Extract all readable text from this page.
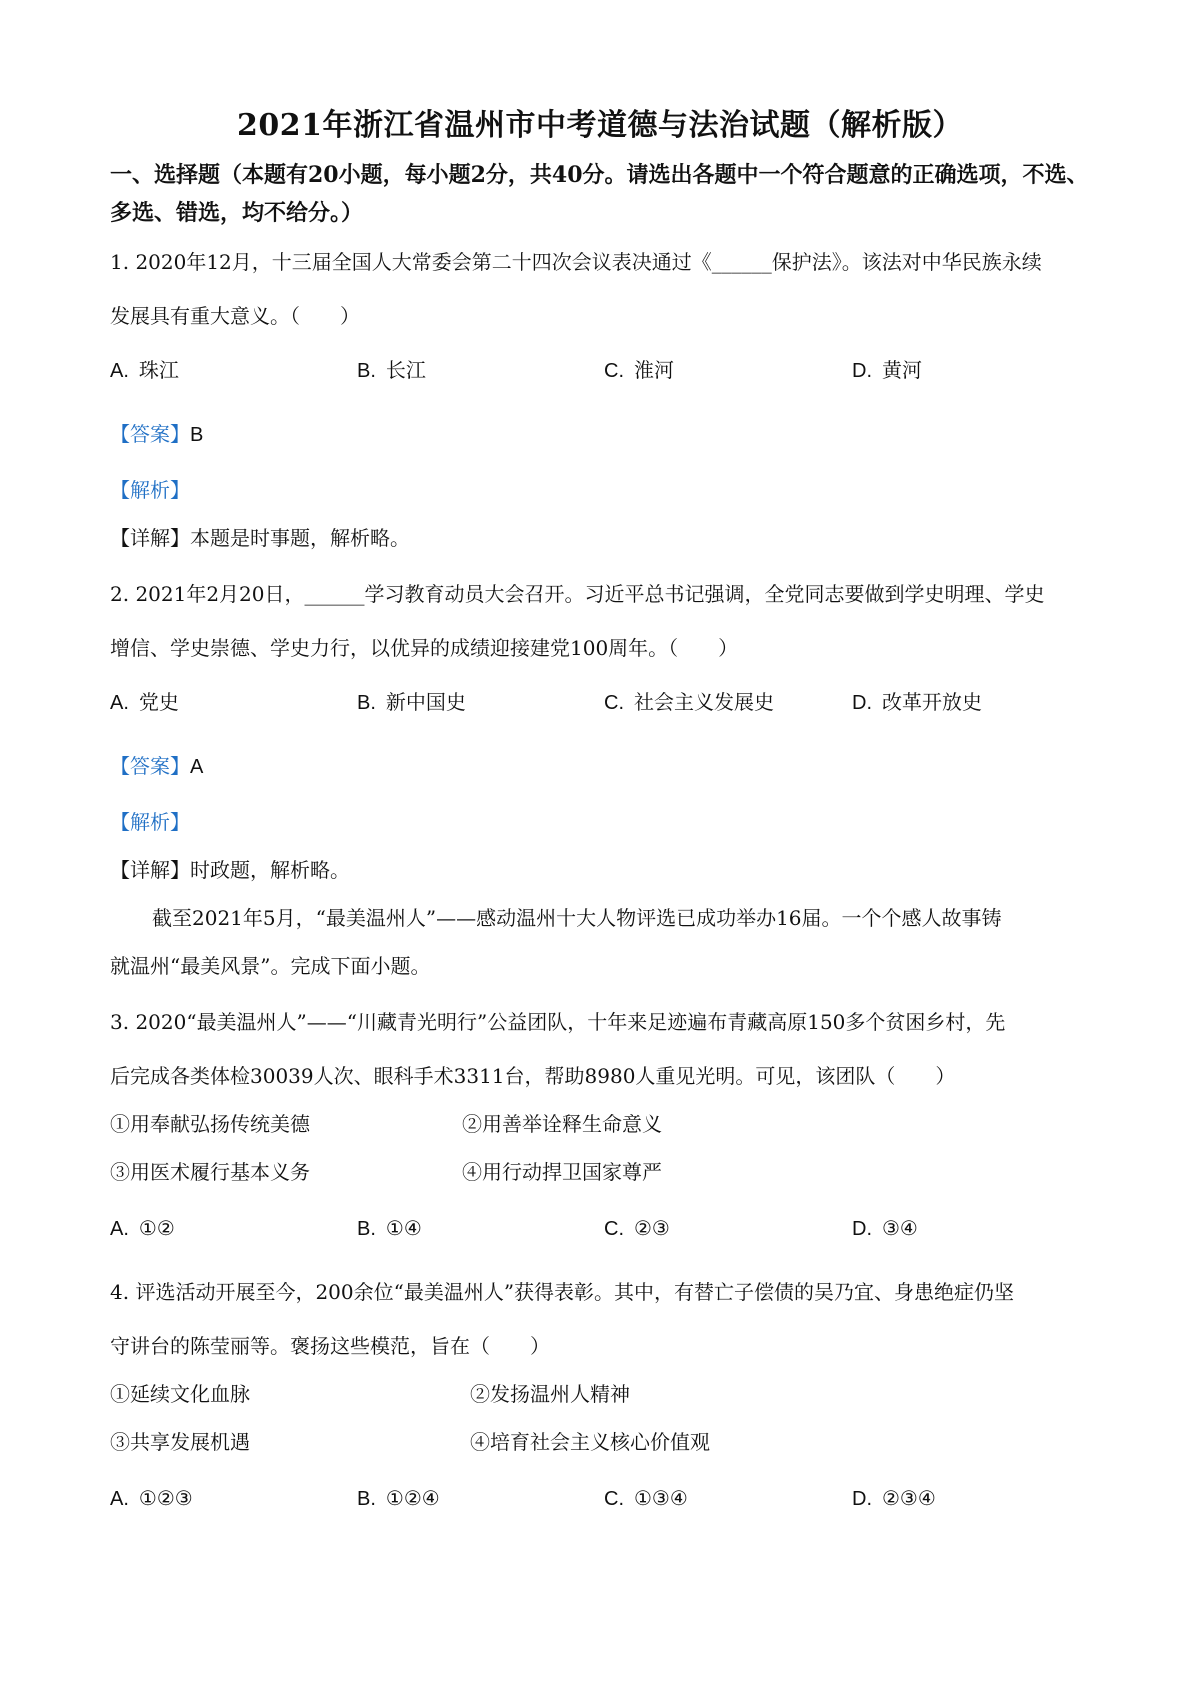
2021年浙江省温州市中考道德与法治试题（解析版）
一、选择题（本题有20小题，每小题2分，共40分。请选出各题中一个符合题意的正确选项，不选、多选、错选，均不给分。）
1. 2020年12月，十三届全国人大常委会第二十四次会议表决通过《______保护法》。该法对中华民族永续
发展具有重大意义。（　　）
A. 珠江	B. 长江	C. 淮河	D. 黄河
【答案】B
【解析】
【详解】本题是时事题，解析略。
2. 2021年2月20日，______学习教育动员大会召开。习近平总书记强调，全党同志要做到学史明理、学史
增信、学史崇德、学史力行，以优异的成绩迎接建党100周年。（　　）
A. 党史	B. 新中国史	C. 社会主义发展史	D. 改革开放史
【答案】A
【解析】
【详解】时政题，解析略。
截至2021年5月，“最美温州人”——感动温州十大人物评选已成功举办16届。一个个感人故事铸
就温州“最美风景”。完成下面小题。
3. 2020“最美温州人”——“川藏青光明行”公益团队，十年来足迹遍布青藏高原150多个贫困乡村，先
后完成各类体检30039人次、眼科手术3311台，帮助8980人重见光明。可见，该团队（　　）
①用奉献弘扬传统美德	②用善举诠释生命意义
③用医术履行基本义务	④用行动捍卫国家尊严
A. ①②	B. ①④	C. ②③	D. ③④
4. 评选活动开展至今，200余位“最美温州人”获得表彰。其中，有替亡子偿债的吴乃宜、身患绝症仍坚
守讲台的陈莹丽等。褒扬这些模范，旨在（　　）
①延续文化血脉	②发扬温州人精神
③共享发展机遇	④培育社会主义核心价值观
A. ①②③	B. ①②④	C. ①③④	D. ②③④
